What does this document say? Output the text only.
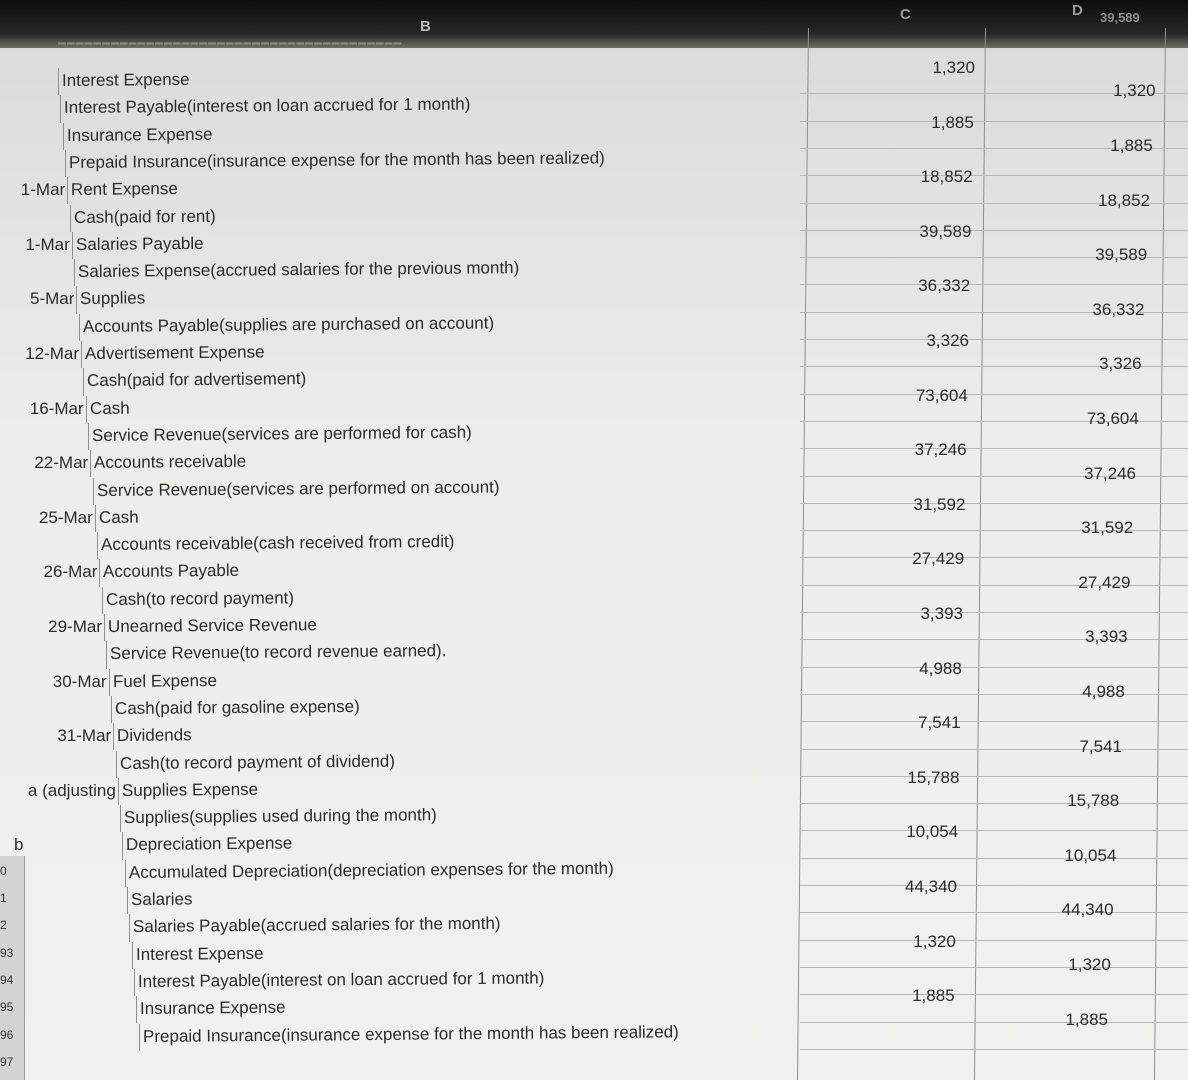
B
C	D 39,589
━━━━━━━━━━━━━━━━━━━━━━━━━━━━━━━━━━━━━━━
Interest Expense
1,320
Interest Payable(interest on loan accrued for 1 month)
1,320
Insurance Expense
1,885
Prepaid Insurance(insurance expense for the month has been realized)
1,885
1-Mar Rent Expense
18,852
Cash(paid for rent)
18,852
1-Mar Salaries Payable
39,589
Salaries Expense(accrued salaries for the previous month)
39,589
5-Mar Supplies
36,332
Accounts Payable(supplies are purchased on account)
36,332
12-Mar Advertisement Expense
3,326
Cash(paid for advertisement)
3,326
16-Mar Cash
73,604
Service Revenue(services are performed for cash)
73,604
22-Mar Accounts receivable
37,246
Service Revenue(services are performed on account)
37,246
25-Mar Cash
31,592
Accounts receivable(cash received from credit)
31,592
26-Mar Accounts Payable
27,429
Cash(to record payment)
27,429
29-Mar Unearned Service Revenue
3,393
Service Revenue(to record revenue earned).
3,393
30-Mar Fuel Expense
4,988
Cash(paid for gasoline expense)
4,988
31-Mar Dividends
7,541
Cash(to record payment of dividend)
7,541
a (adjusting Supplies Expense
15,788
Supplies(supplies used during the month)
15,788
b	Depreciation Expense
10,054
Accumulated Depreciation(depreciation expenses for the month)
10,054
Salaries
44,340
Salaries Payable(accrued salaries for the month)
44,340
Interest Expense
1,320
Interest Payable(interest on loan accrued for 1 month)
1,320
Insurance Expense
1,885
Prepaid Insurance(insurance expense for the month has been realized)
1,885
0
1
2
93
94
95
96
97
